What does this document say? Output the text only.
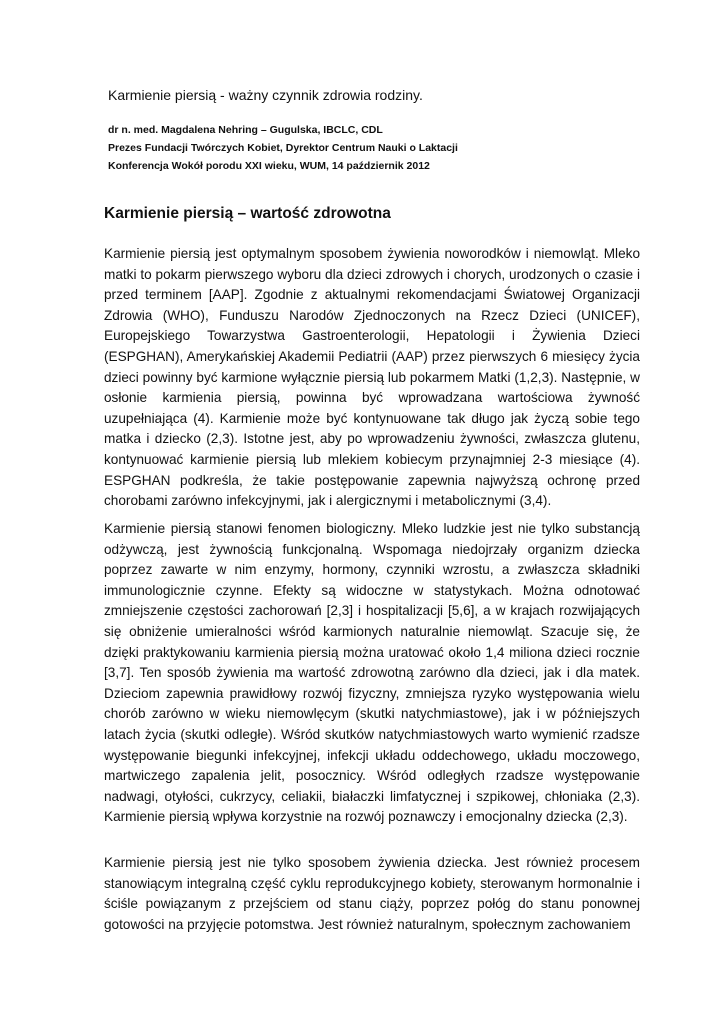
Karmienie piersią - ważny czynnik zdrowia rodziny.
dr n. med. Magdalena Nehring – Gugulska, IBCLC, CDL
Prezes Fundacji Twórczych Kobiet, Dyrektor Centrum Nauki o Laktacji
Konferencja Wokół porodu XXI wieku, WUM, 14 październik 2012
Karmienie piersią – wartość zdrowotna

Karmienie piersią jest optymalnym sposobem żywienia noworodków i niemowląt. Mleko matki to pokarm pierwszego wyboru dla dzieci zdrowych i chorych, urodzonych o czasie i przed terminem [AAP]. Zgodnie z aktualnymi rekomendacjami Światowej Organizacji Zdrowia (WHO), Funduszu Narodów Zjednoczonych na Rzecz Dzieci (UNICEF), Europejskiego Towarzystwa Gastroenterologii, Hepatologii i Żywienia Dzieci (ESPGHAN), Amerykańskiej Akademii Pediatrii (AAP) przez pierwszych 6 miesięcy życia dzieci powinny być karmione wyłącznie piersią lub pokarmem Matki (1,2,3). Następnie, w osłonie karmienia piersią, powinna być wprowadzana wartościowa żywność uzupełniająca (4). Karmienie może być kontynuowane tak długo jak życzą sobie tego matka i dziecko (2,3). Istotne jest, aby po wprowadzeniu żywności, zwłaszcza glutenu, kontynuować karmienie piersią lub mlekiem kobiecym przynajmniej 2-3 miesiące (4). ESPGHAN podkreśla, że takie postępowanie zapewnia najwyższą ochronę przed chorobami zarówno infekcyjnymi, jak i alergicznymi i metabolicznymi (3,4).

Karmienie piersią stanowi fenomen biologiczny. Mleko ludzkie jest nie tylko substancją odżywczą, jest żywnością funkcjonalną. Wspomaga niedojrzały organizm dziecka poprzez zawarte w nim enzymy, hormony, czynniki wzrostu, a zwłaszcza składniki immunologicznie czynne. Efekty są widoczne w statystykach. Można odnotować zmniejszenie częstości zachorowań [2,3] i hospitalizacji [5,6], a w krajach rozwijających się obniżenie umieralności wśród karmionych naturalnie niemowląt. Szacuje się, że dzięki praktykowaniu karmienia piersią można uratować około 1,4 miliona dzieci rocznie [3,7]. Ten sposób żywienia ma wartość zdrowotną zarówno dla dzieci, jak i dla matek. Dzieciom zapewnia prawidłowy rozwój fizyczny, zmniejsza ryzyko występowania wielu chorób zarówno w wieku niemowlęcym (skutki natychmiastowe), jak i w późniejszych latach życia (skutki odległe). Wśród skutków natychmiastowych warto wymienić rzadsze występowanie biegunki infekcyjnej, infekcji układu oddechowego, układu moczowego, martwiczego zapalenia jelit, posocznicy. Wśród odległych rzadsze występowanie nadwagi, otyłości, cukrzycy, celiakii, białaczki limfatycznej i szpikowej, chłoniaka (2,3). Karmienie piersią wpływa korzystnie na rozwój poznawczy i emocjonalny dziecka (2,3).

Karmienie piersią jest nie tylko sposobem żywienia dziecka. Jest również procesem stanowiącym integralną część cyklu reprodukcyjnego kobiety, sterowanym hormonalnie i ściśle powiązanym z przejściem od stanu ciąży, poprzez połóg do stanu ponownej gotowości na przyjęcie potomstwa. Jest również naturalnym, społecznym zachowaniem
